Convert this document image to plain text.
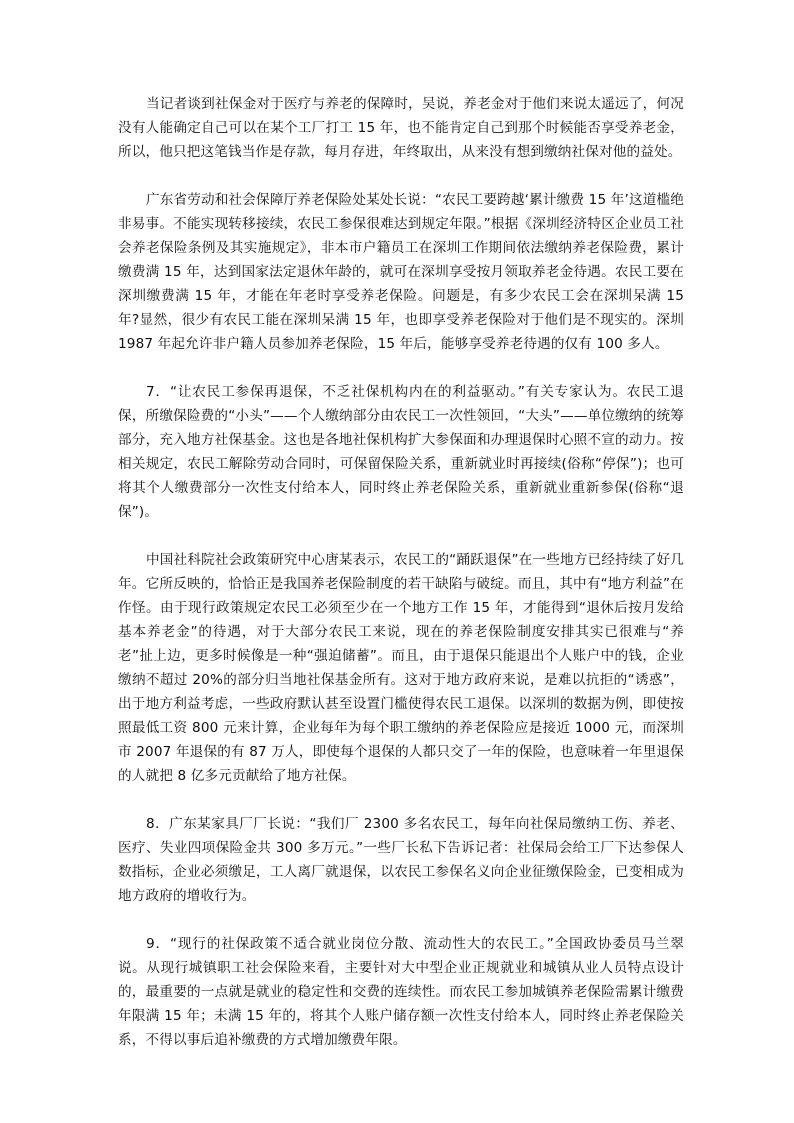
当记者谈到社保金对于医疗与养老的保障时，吴说，养老金对于他们来说太遥远了，何况没有人能确定自己可以在某个工厂打工 15 年，也不能肯定自己到那个时候能否享受养老金，所以，他只把这笔钱当作是存款，每月存进，年终取出，从来没有想到缴纳社保对他的益处。

广东省劳动和社会保障厅养老保险处某处长说：“农民工要跨越‘累计缴费 15 年’这道槛绝非易事。不能实现转移接续，农民工参保很难达到规定年限。”根据《深圳经济特区企业员工社会养老保险条例及其实施规定》，非本市户籍员工在深圳工作期间依法缴纳养老保险费，累计缴费满 15 年，达到国家法定退休年龄的，就可在深圳享受按月领取养老金待遇。农民工要在深圳缴费满 15 年，才能在年老时享受养老保险。问题是，有多少农民工会在深圳呆满 15 年?显然，很少有农民工能在深圳呆满 15 年，也即享受养老保险对于他们是不现实的。深圳 1987 年起允许非户籍人员参加养老保险，15 年后，能够享受养老待遇的仅有 100 多人。

7．“让农民工参保再退保，不乏社保机构内在的利益驱动。”有关专家认为。农民工退保，所缴保险费的“小头”——个人缴纳部分由农民工一次性领回，“大头”——单位缴纳的统筹部分，充入地方社保基金。这也是各地社保机构扩大参保面和办理退保时心照不宣的动力。按相关规定，农民工解除劳动合同时，可保留保险关系，重新就业时再接续(俗称“停保”)；也可将其个人缴费部分一次性支付给本人，同时终止养老保险关系，重新就业重新参保(俗称“退保”)。

中国社科院社会政策研究中心唐某表示，农民工的“踊跃退保”在一些地方已经持续了好几年。它所反映的，恰恰正是我国养老保险制度的若干缺陷与破绽。而且，其中有“地方利益”在作怪。由于现行政策规定农民工必须至少在一个地方工作 15 年，才能得到“退休后按月发给基本养老金”的待遇，对于大部分农民工来说，现在的养老保险制度安排其实已很难与“养老”扯上边，更多时候像是一种“强迫储蓄”。而且，由于退保只能退出个人账户中的钱，企业缴纳不超过 20%的部分归当地社保基金所有。这对于地方政府来说，是难以抗拒的“诱惑”，出于地方利益考虑，一些政府默认甚至设置门槛使得农民工退保。以深圳的数据为例，即使按照最低工资 800 元来计算，企业每年为每个职工缴纳的养老保险应是接近 1000 元，而深圳市 2007 年退保的有 87 万人，即使每个退保的人都只交了一年的保险，也意味着一年里退保的人就把 8 亿多元贡献给了地方社保。

8．广东某家具厂厂长说：“我们厂 2300 多名农民工，每年向社保局缴纳工伤、养老、医疗、失业四项保险金共 300 多万元。”一些厂长私下告诉记者：社保局会给工厂下达参保人数指标，企业必须缴足，工人离厂就退保，以农民工参保名义向企业征缴保险金，已变相成为地方政府的增收行为。

9．“现行的社保政策不适合就业岗位分散、流动性大的农民工。”全国政协委员马兰翠说。从现行城镇职工社会保险来看，主要针对大中型企业正规就业和城镇从业人员特点设计的，最重要的一点就是就业的稳定性和交费的连续性。而农民工参加城镇养老保险需累计缴费年限满 15 年；未满 15 年的，将其个人账户储存额一次性支付给本人，同时终止养老保险关系，不得以事后追补缴费的方式增加缴费年限。
